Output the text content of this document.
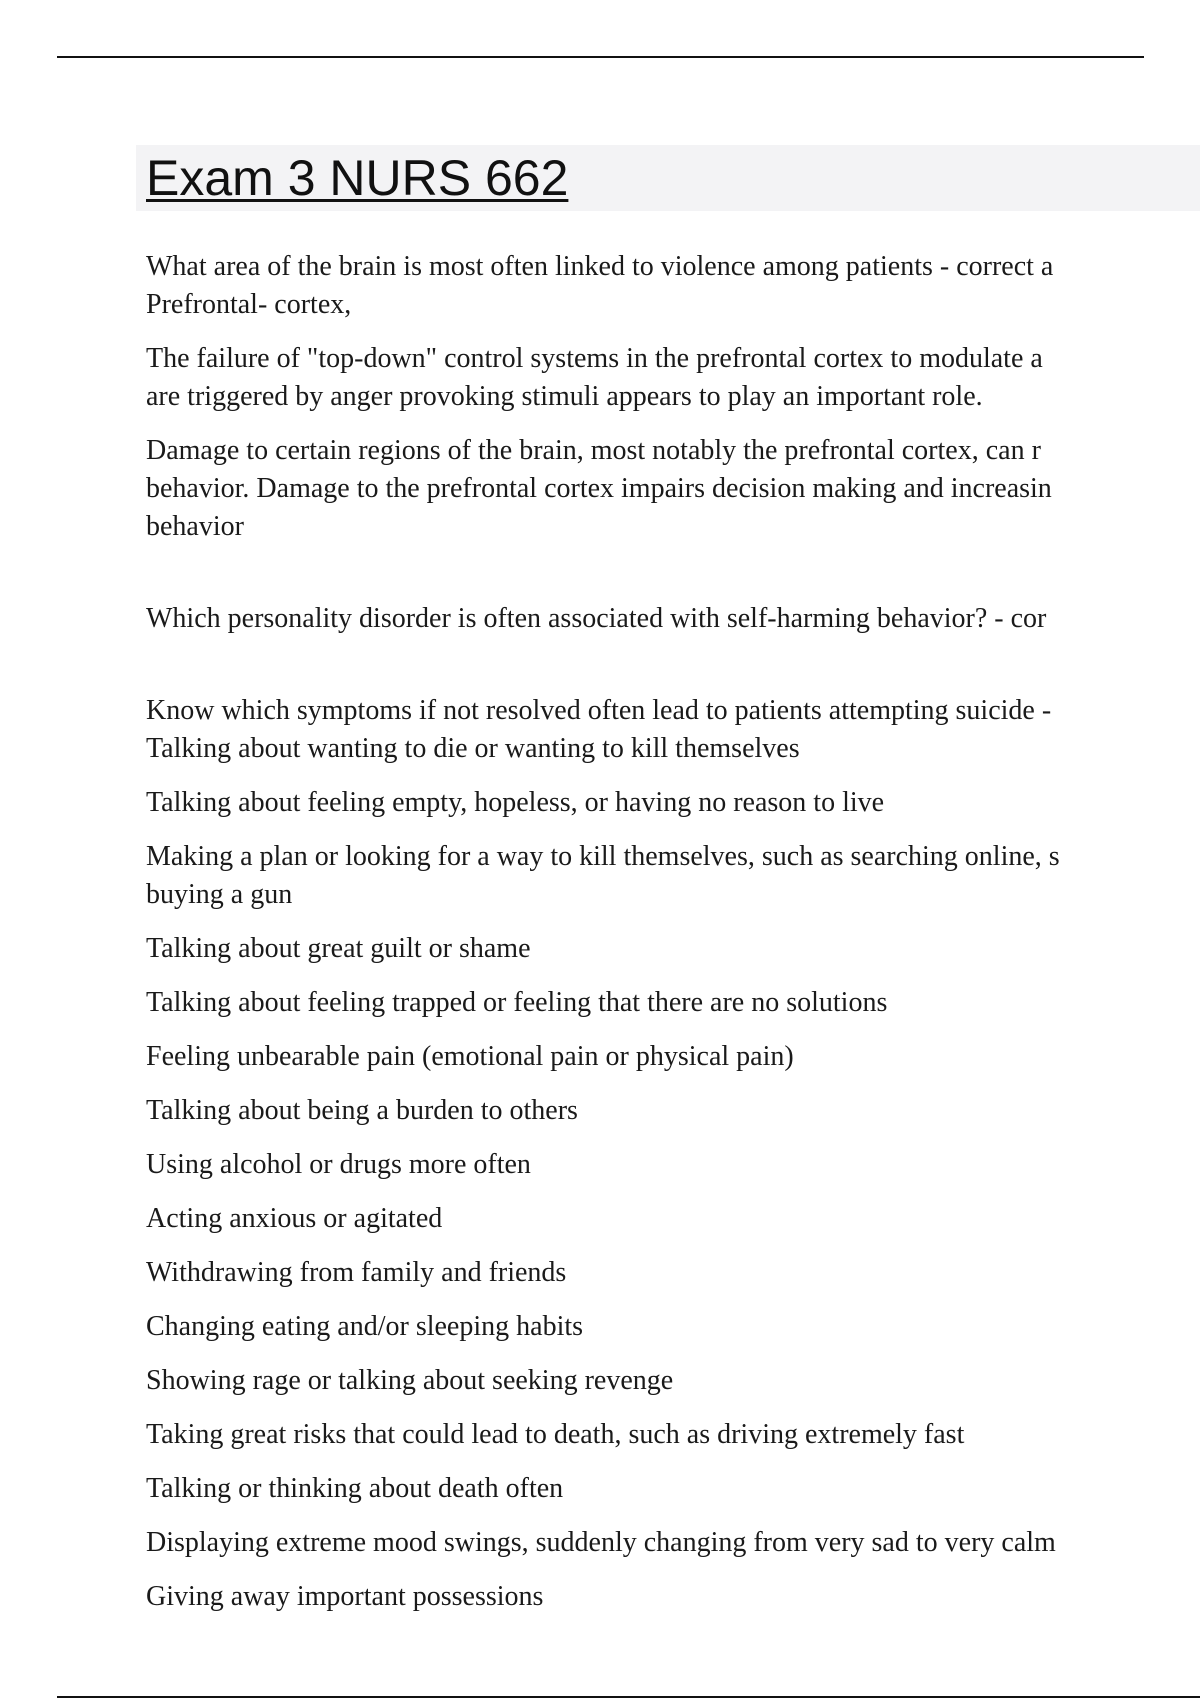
Exam 3 NURS 662

What area of the brain is most often linked to violence among patients - correct a
Prefrontal- cortex,

The failure of "top-down" control systems in the prefrontal cortex to modulate a
are triggered by anger provoking stimuli appears to play an important role.

Damage to certain regions of the brain, most notably the prefrontal cortex, can r
behavior. Damage to the prefrontal cortex impairs decision making and increasin
behavior

Which personality disorder is often associated with self-harming behavior? - cor

Know which symptoms if not resolved often lead to patients attempting suicide -
Talking about wanting to die or wanting to kill themselves

Talking about feeling empty, hopeless, or having no reason to live

Making a plan or looking for a way to kill themselves, such as searching online, s
buying a gun

Talking about great guilt or shame

Talking about feeling trapped or feeling that there are no solutions

Feeling unbearable pain (emotional pain or physical pain)

Talking about being a burden to others

Using alcohol or drugs more often

Acting anxious or agitated

Withdrawing from family and friends

Changing eating and/or sleeping habits

Showing rage or talking about seeking revenge

Taking great risks that could lead to death, such as driving extremely fast

Talking or thinking about death often

Displaying extreme mood swings, suddenly changing from very sad to very calm

Giving away important possessions
